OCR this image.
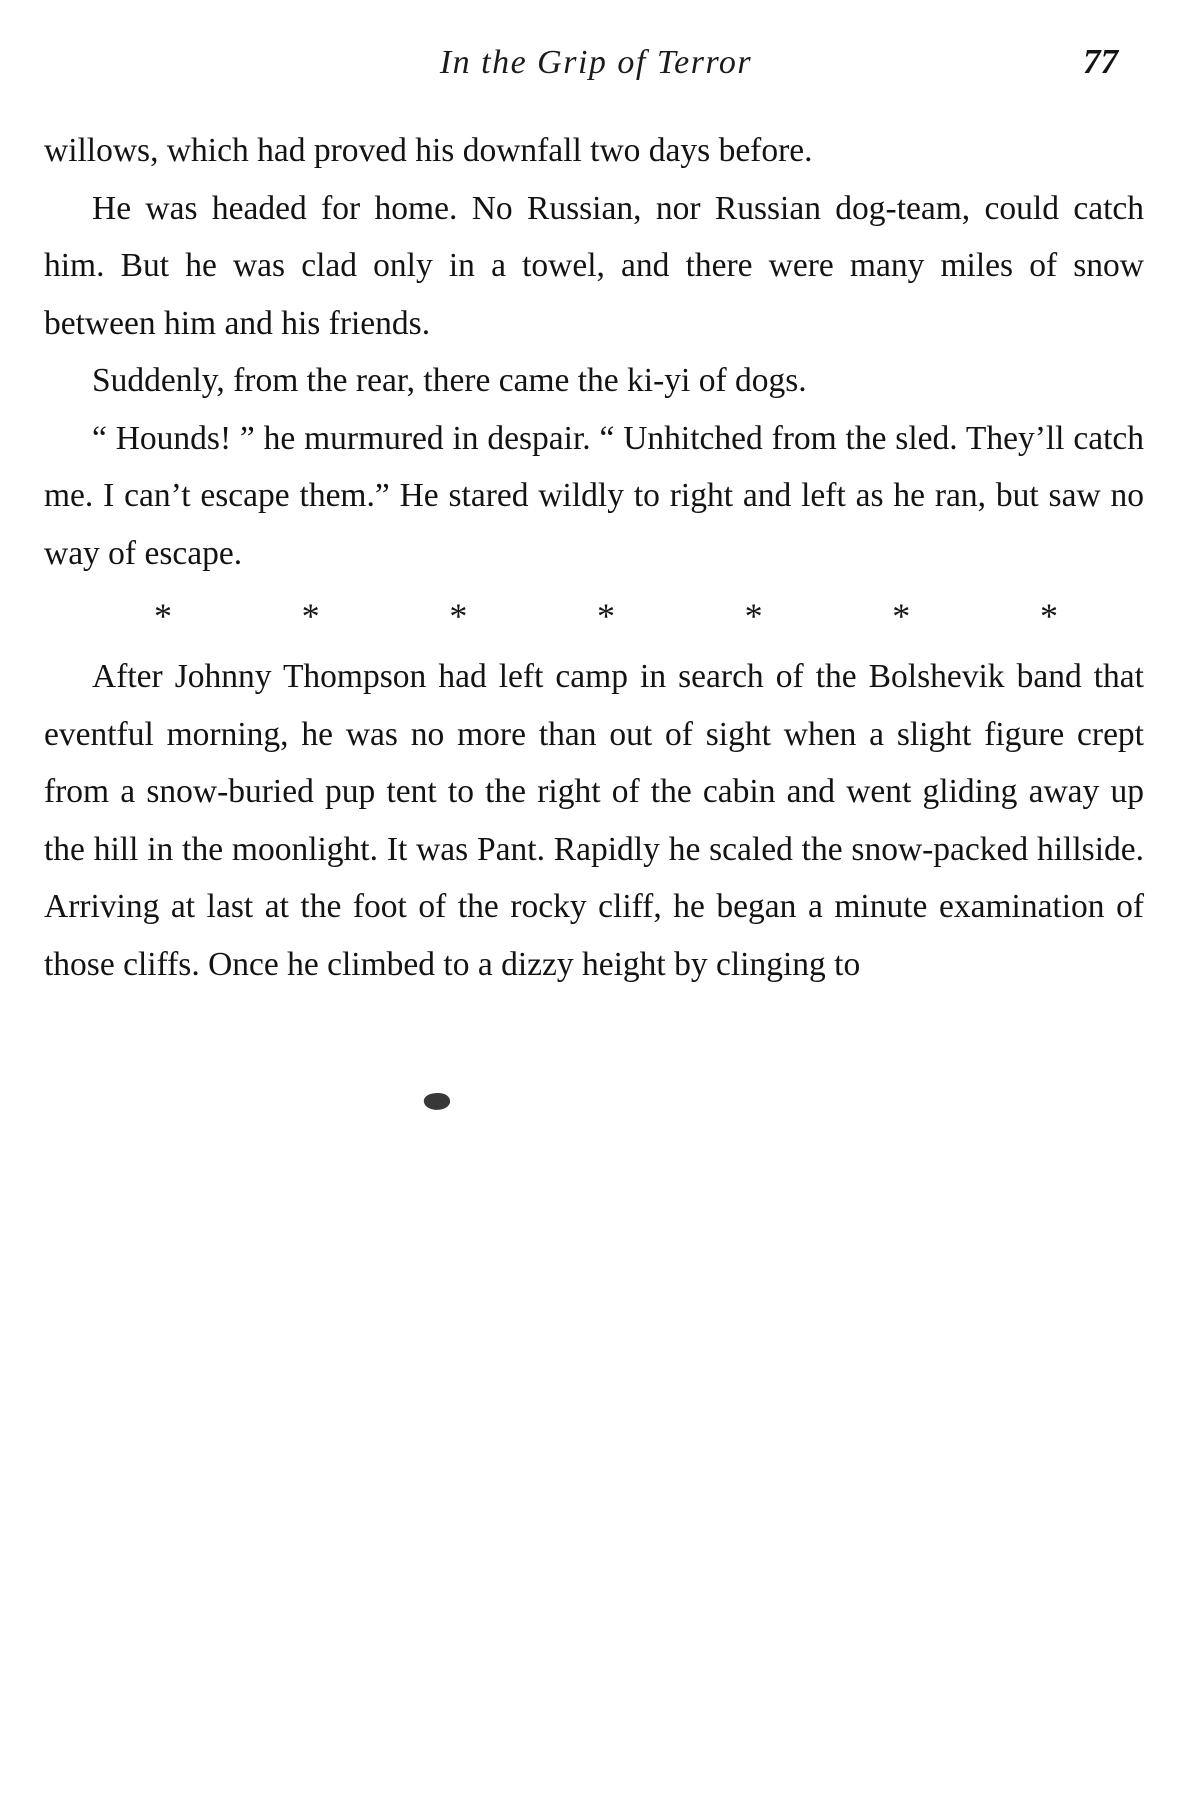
In the Grip of Terror	77

willows, which had proved his downfall two days before.

He was headed for home. No Russian, nor Russian dog-team, could catch him. But he was clad only in a towel, and there were many miles of snow between him and his friends.

Suddenly, from the rear, there came the ki-yi of dogs.

“ Hounds! ” he murmured in despair. “ Unhitched from the sled. They’ll catch me. I can’t escape them.” He stared wildly to right and left as he ran, but saw no way of escape.

*	*	*	*	*	*	*

After Johnny Thompson had left camp in search of the Bolshevik band that eventful morning, he was no more than out of sight when a slight figure crept from a snow-buried pup tent to the right of the cabin and went gliding away up the hill in the moonlight. It was Pant. Rapidly he scaled the snow-packed hillside. Arriving at last at the foot of the rocky cliff, he began a minute examination of those cliffs. Once he climbed to a dizzy height by clinging to
